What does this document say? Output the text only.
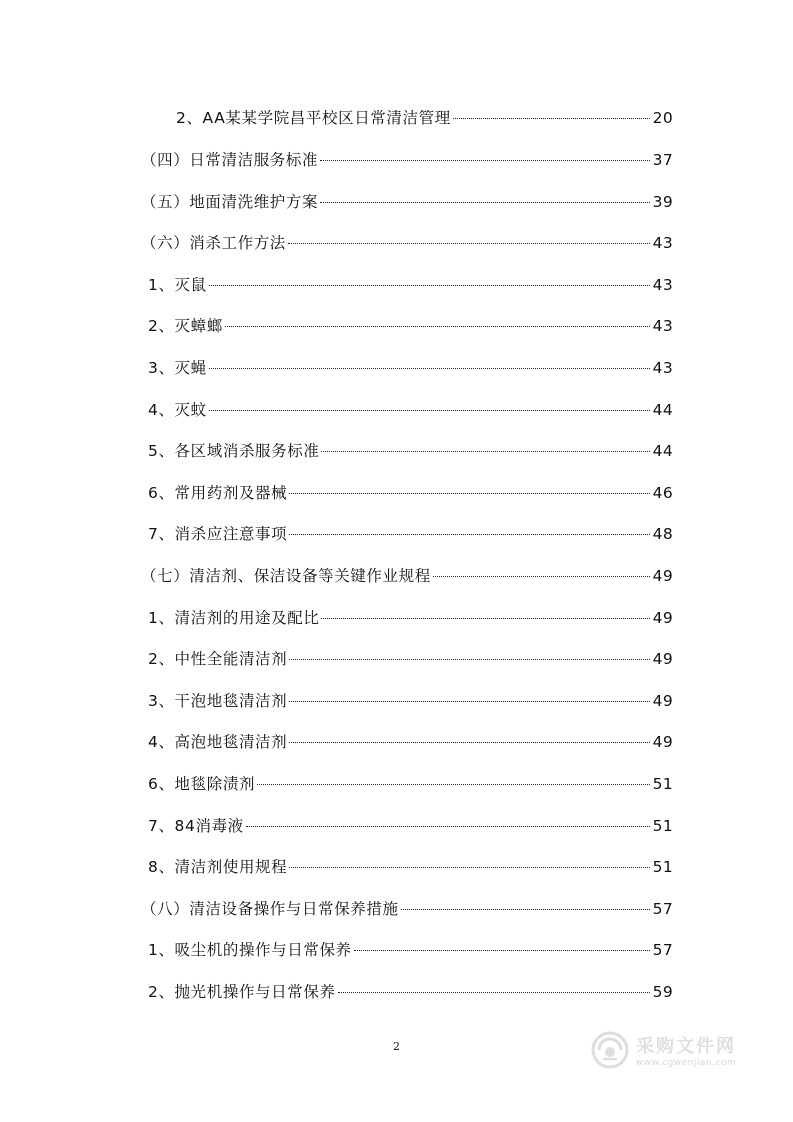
2、AA某某学院昌平校区日常清洁管理	20
（四）日常清洁服务标准	37
（五）地面清洗维护方案	39
（六）消杀工作方法	43
1、灭鼠	43
2、灭蟑螂	43
3、灭蝇	43
4、灭蚊	44
5、各区域消杀服务标准	44
6、常用药剂及器械	46
7、消杀应注意事项	48
（七）清洁剂、保洁设备等关键作业规程	49
1、清洁剂的用途及配比	49
2、中性全能清洁剂	49
3、干泡地毯清洁剂	49
4、高泡地毯清洁剂	49
6、地毯除渍剂	51
7、84消毒液	51
8、清洁剂使用规程	51
（八）清洁设备操作与日常保养措施	57
1、吸尘机的操作与日常保养	57
2、抛光机操作与日常保养	59
2	采购文件网
www.cgwenjian.com
